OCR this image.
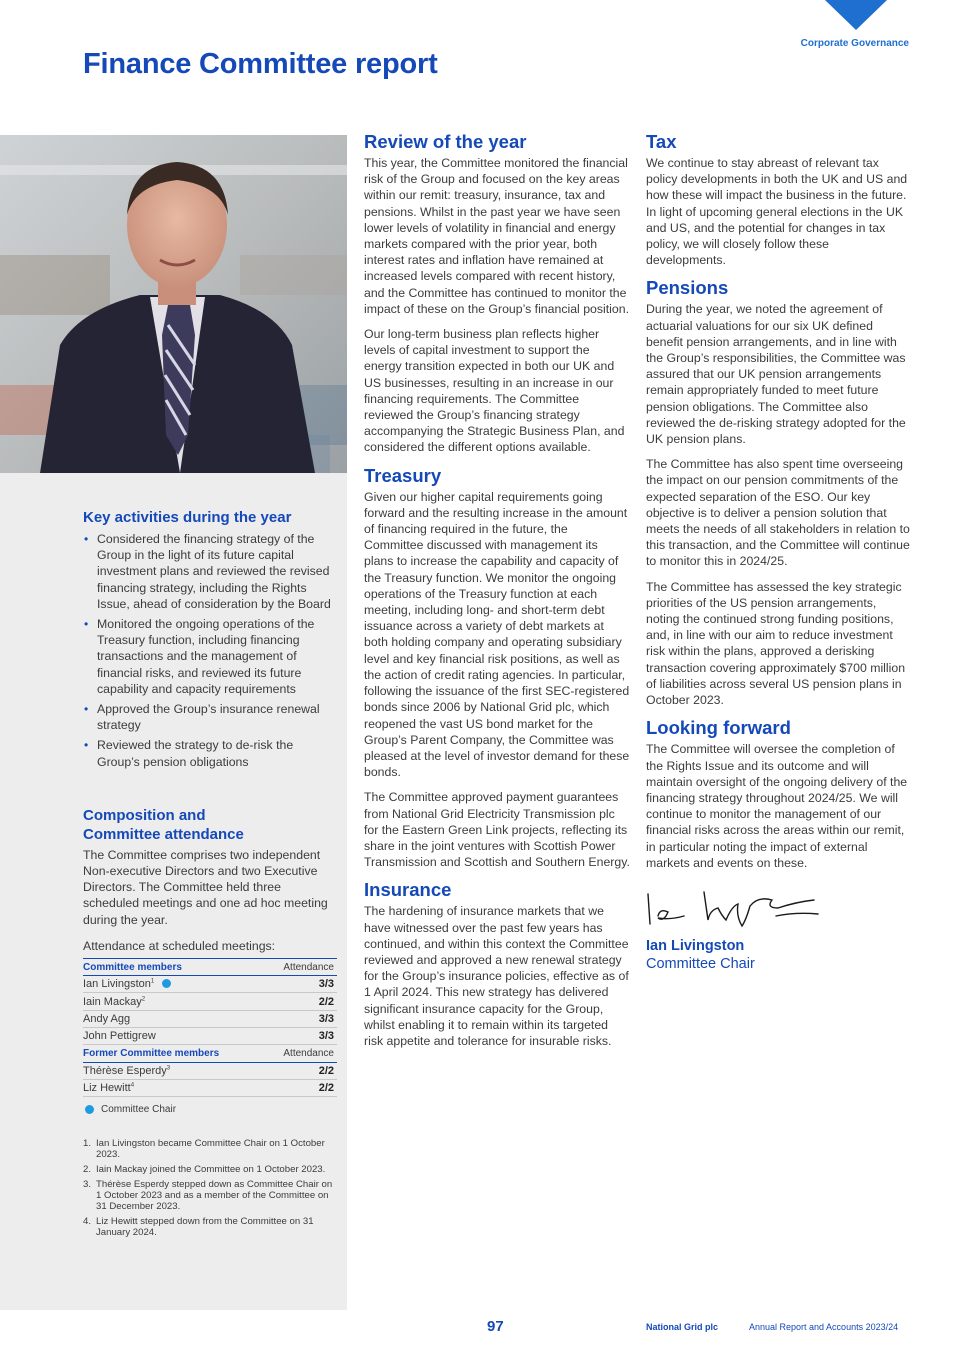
Corporate Governance
Finance Committee report
Key activities during the year
• Considered the financing strategy of the Group in the light of its future capital investment plans and reviewed the revised financing strategy, including the Rights Issue, ahead of consideration by the Board
• Monitored the ongoing operations of the Treasury function, including financing transactions and the management of financial risks, and reviewed its future capability and capacity requirements
• Approved the Group’s insurance renewal strategy
• Reviewed the strategy to de-risk the Group’s pension obligations
Composition and
Committee attendance

The Committee comprises two independent Non-executive Directors and two Executive Directors. The Committee held three scheduled meetings and one ad hoc meeting during the year.

Attendance at scheduled meetings:

Committee members	Attendance
Ian Livingston$^1$	3/3
Iain Mackay$^2$	2/2
Andy Agg	3/3
John Pettigrew	3/3
Former Committee members	Attendance
Thérèse Esperdy$^3$	2/2
Liz Hewitt$^4$	2/2
Committee Chair
1. Ian Livingston became Committee Chair on 1 October 2023.
2. Iain Mackay joined the Committee on 1 October 2023.
3. Thérèse Esperdy stepped down as Committee Chair on 1 October 2023 and as a member of the Committee on 31 December 2023.
4. Liz Hewitt stepped down from the Committee on 31 January 2024.
Review of the year

This year, the Committee monitored the financial risk of the Group and focused on the key areas within our remit: treasury, insurance, tax and pensions. Whilst in the past year we have seen lower levels of volatility in financial and energy markets compared with the prior year, both interest rates and inflation have remained at increased levels compared with recent history, and the Committee has continued to monitor the impact of these on the Group’s financial position.

Our long-term business plan reflects higher levels of capital investment to support the energy transition expected in both our UK and US businesses, resulting in an increase in our financing requirements. The Committee reviewed the Group’s financing strategy accompanying the Strategic Business Plan, and considered the different options available.

Treasury

Given our higher capital requirements going forward and the resulting increase in the amount of financing required in the future, the Committee discussed with management its plans to increase the capability and capacity of the Treasury function. We monitor the ongoing operations of the Treasury function at each meeting, including long- and short-term debt issuance across a variety of debt markets at both holding company and operating subsidiary level and key financial risk positions, as well as the action of credit rating agencies. In particular, following the issuance of the first SEC-registered bonds since 2006 by National Grid plc, which reopened the vast US bond market for the Group’s Parent Company, the Committee was pleased at the level of investor demand for these bonds.

The Committee approved payment guarantees from National Grid Electricity Transmission plc for the Eastern Green Link projects, reflecting its share in the joint ventures with Scottish Power Transmission and Scottish and Southern Energy.

Insurance

The hardening of insurance markets that we have witnessed over the past few years has continued, and within this context the Committee reviewed and approved a new renewal strategy for the Group’s insurance policies, effective as of 1 April 2024. This new strategy has delivered significant insurance capacity for the Group, whilst enabling it to remain within its targeted risk appetite and tolerance for insurable risks.

Tax

We continue to stay abreast of relevant tax policy developments in both the UK and US and how these will impact the business in the future. In light of upcoming general elections in the UK and US, and the potential for changes in tax policy, we will closely follow these developments.

Pensions

During the year, we noted the agreement of actuarial valuations for our six UK defined benefit pension arrangements, and in line with the Group’s responsibilities, the Committee was assured that our UK pension arrangements remain appropriately funded to meet future pension obligations. The Committee also reviewed the de-risking strategy adopted for the UK pension plans.

The Committee has also spent time overseeing the impact on our pension commitments of the expected separation of the ESO. Our key objective is to deliver a pension solution that meets the needs of all stakeholders in relation to this transaction, and the Committee will continue to monitor this in 2024/25.

The Committee has assessed the key strategic priorities of the US pension arrangements, noting the continued strong funding positions, and, in line with our aim to reduce investment risk within the plans, approved a derisking transaction covering approximately $700 million of liabilities across several US pension plans in October 2023.

Looking forward

The Committee will oversee the completion of the Rights Issue and its outcome and will maintain oversight of the ongoing delivery of the financing strategy throughout 2024/25. We will continue to monitor the management of our financial risks across the areas within our remit, in particular noting the impact of external markets and events on these.

Ian Livingston
Committee Chair
97	National Grid plc	Annual Report and Accounts 2023/24
